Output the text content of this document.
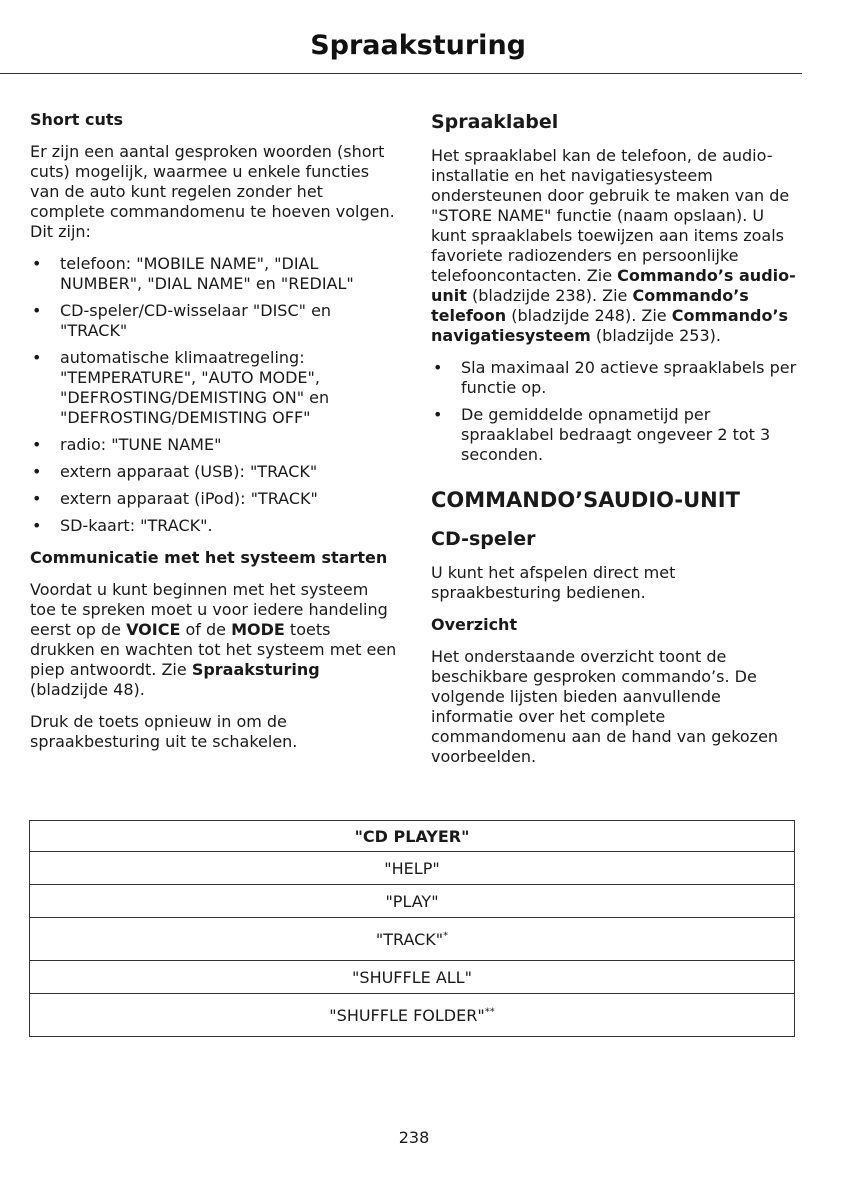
Spraaksturing
Short cuts

Er zijn een aantal gesproken woorden (short cuts) mogelijk, waarmee u enkele functies van de auto kunt regelen zonder het complete commandomenu te hoeven volgen. Dit zijn:

• telefoon: "MOBILE NAME", "DIAL NUMBER", "DIAL NAME" en "REDIAL"
• CD-speler/CD-wisselaar "DISC" en "TRACK"
• automatische klimaatregeling: "TEMPERATURE", "AUTO MODE", "DEFROSTING/DEMISTING ON" en "DEFROSTING/DEMISTING OFF"
• radio: "TUNE NAME"
• extern apparaat (USB): "TRACK"
• extern apparaat (iPod): "TRACK"
• SD-kaart: "TRACK".
Communicatie met het systeem starten

Voordat u kunt beginnen met het systeem toe te spreken moet u voor iedere handeling eerst op de VOICE of de MODE toets drukken en wachten tot het systeem met een piep antwoordt. Zie Spraaksturing (bladzijde 48).

Druk de toets opnieuw in om de spraakbesturing uit te schakelen.

Spraaklabel

Het spraaklabel kan de telefoon, de audio-installatie en het navigatiesysteem ondersteunen door gebruik te maken van de "STORE NAME" functie (naam opslaan). U kunt spraaklabels toewijzen aan items zoals favoriete radiozenders en persoonlijke telefooncontacten. Zie Commando’s audio-unit (bladzijde 238). Zie Commando’s telefoon (bladzijde 248). Zie Commando’s navigatiesysteem (bladzijde 253).

• Sla maximaal 20 actieve spraaklabels per functie op.
• De gemiddelde opnametijd per spraaklabel bedraagt ongeveer 2 tot 3 seconden.
COMMANDO’SAUDIO-UNIT
CD-speler

U kunt het afspelen direct met spraakbesturing bedienen.

Overzicht

Het onderstaande overzicht toont de beschikbare gesproken commando’s. De volgende lijsten bieden aanvullende informatie over het complete commandomenu aan de hand van gekozen voorbeelden.

"CD PLAYER"
"HELP"
"PLAY"
"TRACK"*
"SHUFFLE ALL"
"SHUFFLE FOLDER"**
238
